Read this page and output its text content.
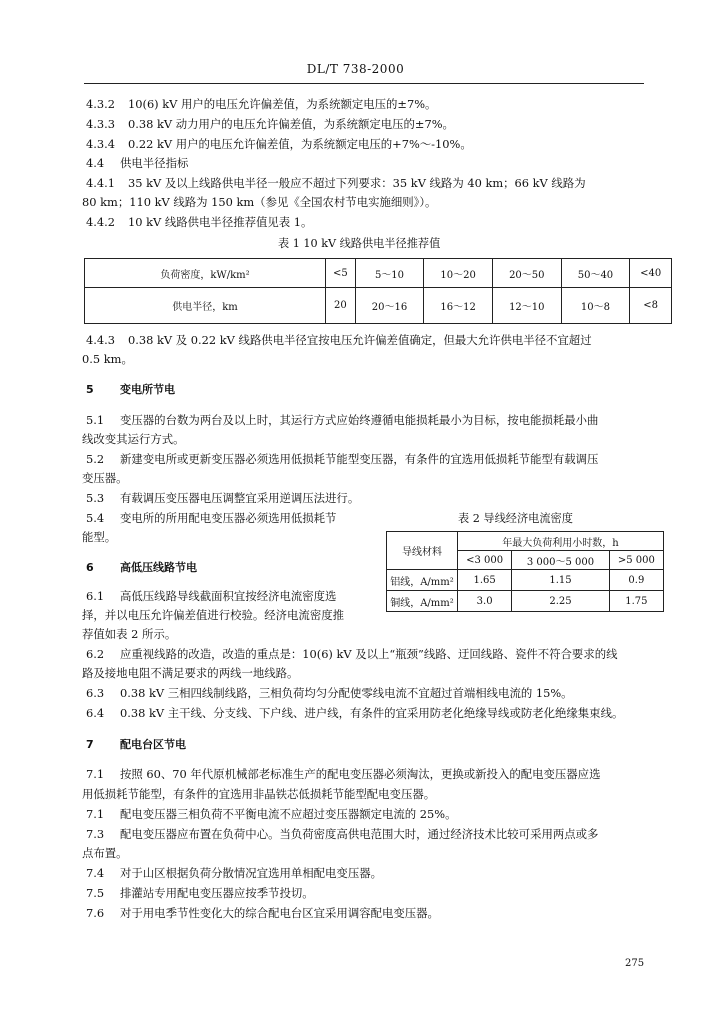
DL/T 738-2000
4.3.2 10(6) kV 用户的电压允许偏差值，为系统额定电压的±7%。
4.3.3 0.38 kV 动力用户的电压允许偏差值，为系统额定电压的±7%。
4.3.4 0.22 kV 用户的电压允许偏差值，为系统额定电压的+7%～-10%。
4.4 供电半径指标
4.4.1 35 kV 及以上线路供电半径一般应不超过下列要求：35 kV 线路为 40 km；66 kV 线路为
80 km；110 kV 线路为 150 km（参见《全国农村节电实施细则》）。
4.4.2 10 kV 线路供电半径推荐值见表 1。
表 1 10 kV 线路供电半径推荐值
负荷密度，kW/km²	<5	5～10	10～20	20～50	50～40	<40
供电半径，km	20	20～16	16～12	12～10	10～8	<8
4.4.3 0.38 kV 及 0.22 kV 线路供电半径宜按电压允许偏差值确定，但最大允许供电半径不宜超过
0.5 km。
5 变电所节电
5.1 变压器的台数为两台及以上时，其运行方式应始终遵循电能损耗最小为目标，按电能损耗最小曲
线改变其运行方式。
5.2 新建变电所或更新变压器必须选用低损耗节能型变压器，有条件的宜选用低损耗节能型有载调压
变压器。
5.3 有载调压变压器电压调整宜采用逆调压法进行。
5.4 变电所的所用配电变压器必须选用低损耗节
能型。
6 高低压线路节电
6.1 高低压线路导线截面积宜按经济电流密度选
择，并以电压允许偏差值进行校验。经济电流密度推
荐值如表 2 所示。
表 2 导线经济电流密度
导线材料	年最大负荷利用小时数，h		
	<3 000	3 000～5 000	>5 000
铝线，A/mm²	1.65	1.15	0.9
铜线，A/mm²	3.0	2.25	1.75
6.2 应重视线路的改造，改造的重点是：10(6) kV 及以上“瓶颈”线路、迂回线路、瓷件不符合要求的线
路及接地电阻不满足要求的两线一地线路。
6.3 0.38 kV 三相四线制线路，三相负荷均匀分配使零线电流不宜超过首端相线电流的 15%。
6.4 0.38 kV 主干线、分支线、下户线、进户线，有条件的宜采用防老化绝缘导线或防老化绝缘集束线。
7 配电台区节电
7.1 按照 60、70 年代原机械部老标准生产的配电变压器必须淘汰，更换或新投入的配电变压器应选
用低损耗节能型，有条件的宜选用非晶铁芯低损耗节能型配电变压器。
7.1 配电变压器三相负荷不平衡电流不应超过变压器额定电流的 25%。
7.3 配电变压器应布置在负荷中心。当负荷密度高供电范围大时，通过经济技术比较可采用两点或多
点布置。
7.4 对于山区根据负荷分散情况宜选用单相配电变压器。
7.5 排灌站专用配电变压器应按季节投切。
7.6 对于用电季节性变化大的综合配电台区宜采用调容配电变压器。
275
